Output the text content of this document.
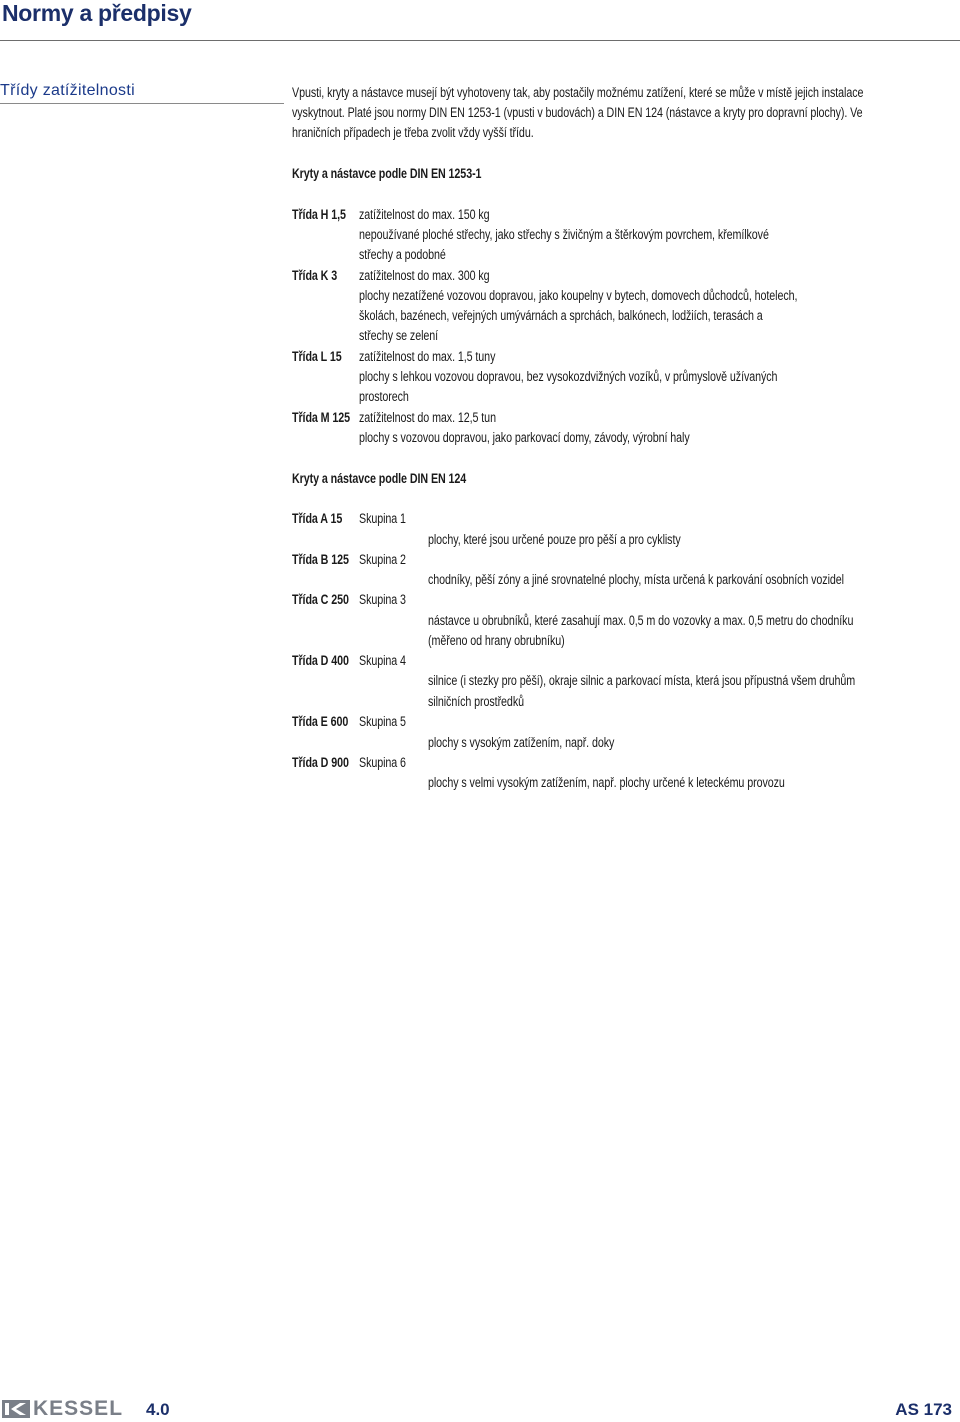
Normy a předpisy
Třídy zatížitelnosti	Vpusti, kryty a nástavce musejí být vyhotoveny tak, aby postačily možnému zatížení, které se může v místě jejich instalace
vyskytnout. Platé jsou normy DIN EN 1253-1 (vpusti v budovách) a DIN EN 124 (nástavce a kryty pro dopravní plochy). Ve
hraničních případech je třeba zvolit vždy vyšší třídu.
Kryty a nástavce podle DIN EN 1253-1
Třída H 1,5 zatížitelnost do max. 150 kg
nepoužívané ploché střechy, jako střechy s živičným a štěrkovým povrchem, křemílkové
střechy a podobné
Třída K 3 zatížitelnost do max. 300 kg
plochy nezatížené vozovou dopravou, jako koupelny v bytech, domovech důchodců, hotelech,
školách, bazénech, veřejných umývárnách a sprchách, balkónech, lodžiích, terasách a
střechy se zelení
Třída L 15 zatížitelnost do max. 1,5 tuny
plochy s lehkou vozovou dopravou, bez vysokozdvižných vozíků, v průmyslově užívaných
prostorech
Třída M 125 zatížitelnost do max. 12,5 tun
plochy s vozovou dopravou, jako parkovací domy, závody, výrobní haly
Kryty a nástavce podle DIN EN 124
Třída A 15 Skupina 1
plochy, které jsou určené pouze pro pěší a pro cyklisty
Třída B 125 Skupina 2
chodníky, pěší zóny a jiné srovnatelné plochy, místa určená k parkování osobních vozidel
Třída C 250 Skupina 3
nástavce u obrubníků, které zasahují max. 0,5 m do vozovky a max. 0,5 metru do chodníku
(měřeno od hrany obrubníku)
Třída D 400 Skupina 4
silnice (i stezky pro pěší), okraje silnic a parkovací místa, která jsou přípustná všem druhům
silničních prostředků
Třída E 600 Skupina 5
plochy s vysokým zatížením, např. doky
Třída D 900 Skupina 6
plochy s velmi vysokým zatížením, např. plochy určené k leteckému provozu
KESSEL 4.0	AS 173
